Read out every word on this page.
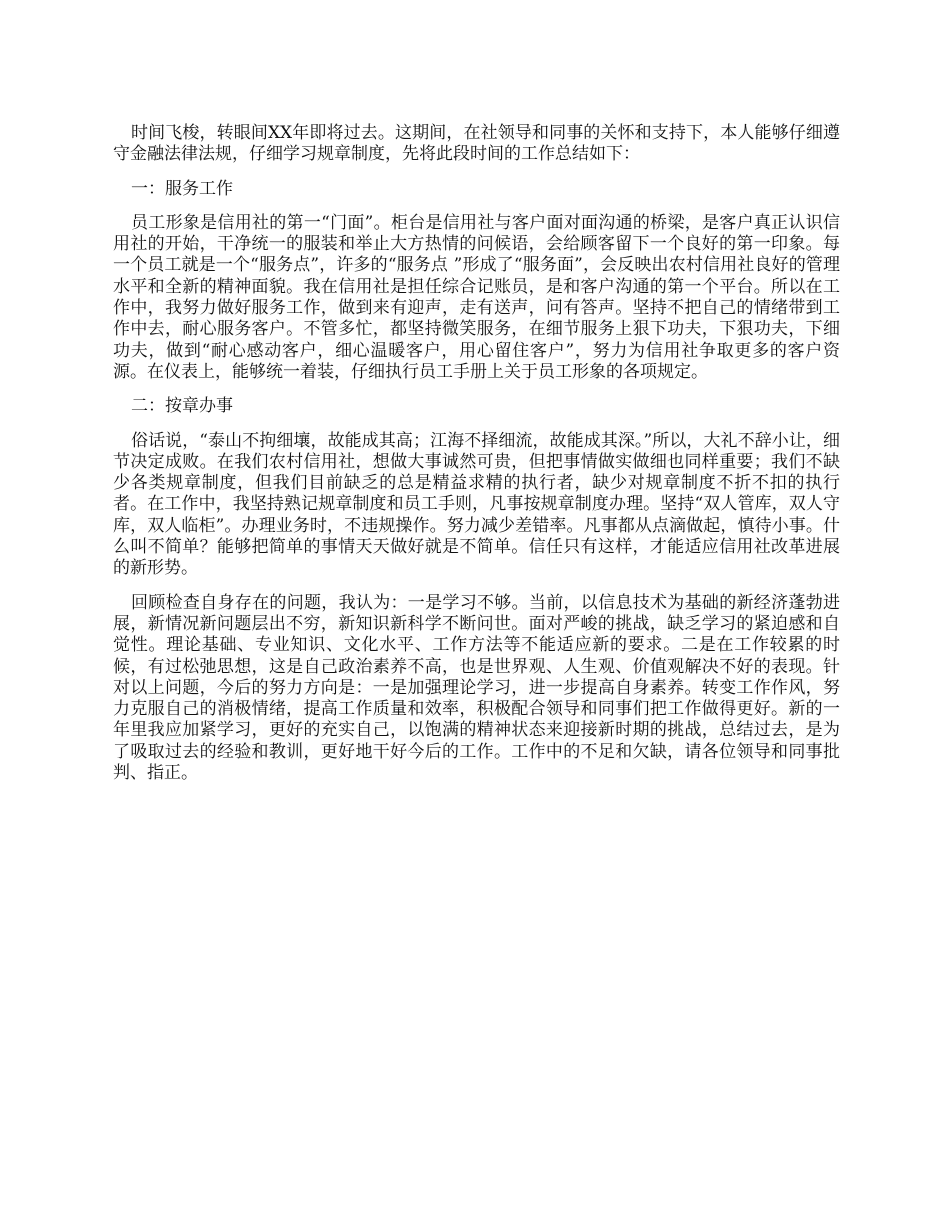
时间飞梭，转眼间XX年即将过去。这期间，在社领导和同事的关怀和支持下，本人能够仔细遵守金融法律法规，仔细学习规章制度，先将此段时间的工作总结如下：

一：服务工作

员工形象是信用社的第一“门面”。柜台是信用社与客户面对面沟通的桥梁，是客户真正认识信用社的开始，干净统一的服装和举止大方热情的问候语，会给顾客留下一个良好的第一印象。每一个员工就是一个“服务点”，许多的“服务点 ”形成了“服务面”，会反映出农村信用社良好的管理水平和全新的精神面貌。我在信用社是担任综合记账员，是和客户沟通的第一个平台。所以在工作中，我努力做好服务工作，做到来有迎声，走有送声，问有答声。坚持不把自己的情绪带到工作中去，耐心服务客户。不管多忙，都坚持微笑服务，在细节服务上狠下功夫，下狠功夫，下细功夫，做到“耐心感动客户，细心温暖客户，用心留住客户”，努力为信用社争取更多的客户资源。在仪表上，能够统一着装，仔细执行员工手册上关于员工形象的各项规定。

二：按章办事

俗话说，“泰山不拘细壤，故能成其高；江海不择细流，故能成其深。”所以，大礼不辞小让，细节决定成败。在我们农村信用社，想做大事诚然可贵，但把事情做实做细也同样重要；我们不缺少各类规章制度，但我们目前缺乏的总是精益求精的执行者，缺少对规章制度不折不扣的执行者。在工作中，我坚持熟记规章制度和员工手则，凡事按规章制度办理。坚持“双人管库，双人守库，双人临柜”。办理业务时，不违规操作。努力减少差错率。凡事都从点滴做起，慎待小事。什么叫不简单？能够把简单的事情天天做好就是不简单。信任只有这样，才能适应信用社改革进展的新形势。

回顾检查自身存在的问题，我认为：一是学习不够。当前，以信息技术为基础的新经济蓬勃进展，新情况新问题层出不穷，新知识新科学不断问世。面对严峻的挑战，缺乏学习的紧迫感和自觉性。理论基础、专业知识、文化水平、工作方法等不能适应新的要求。二是在工作较累的时候，有过松弛思想，这是自己政治素养不高，也是世界观、人生观、价值观解决不好的表现。针对以上问题，今后的努力方向是：一是加强理论学习，进一步提高自身素养。转变工作作风，努力克服自己的消极情绪，提高工作质量和效率，积极配合领导和同事们把工作做得更好。新的一年里我应加紧学习，更好的充实自己，以饱满的精神状态来迎接新时期的挑战，总结过去，是为了吸取过去的经验和教训，更好地干好今后的工作。工作中的不足和欠缺，请各位领导和同事批判、指正。
